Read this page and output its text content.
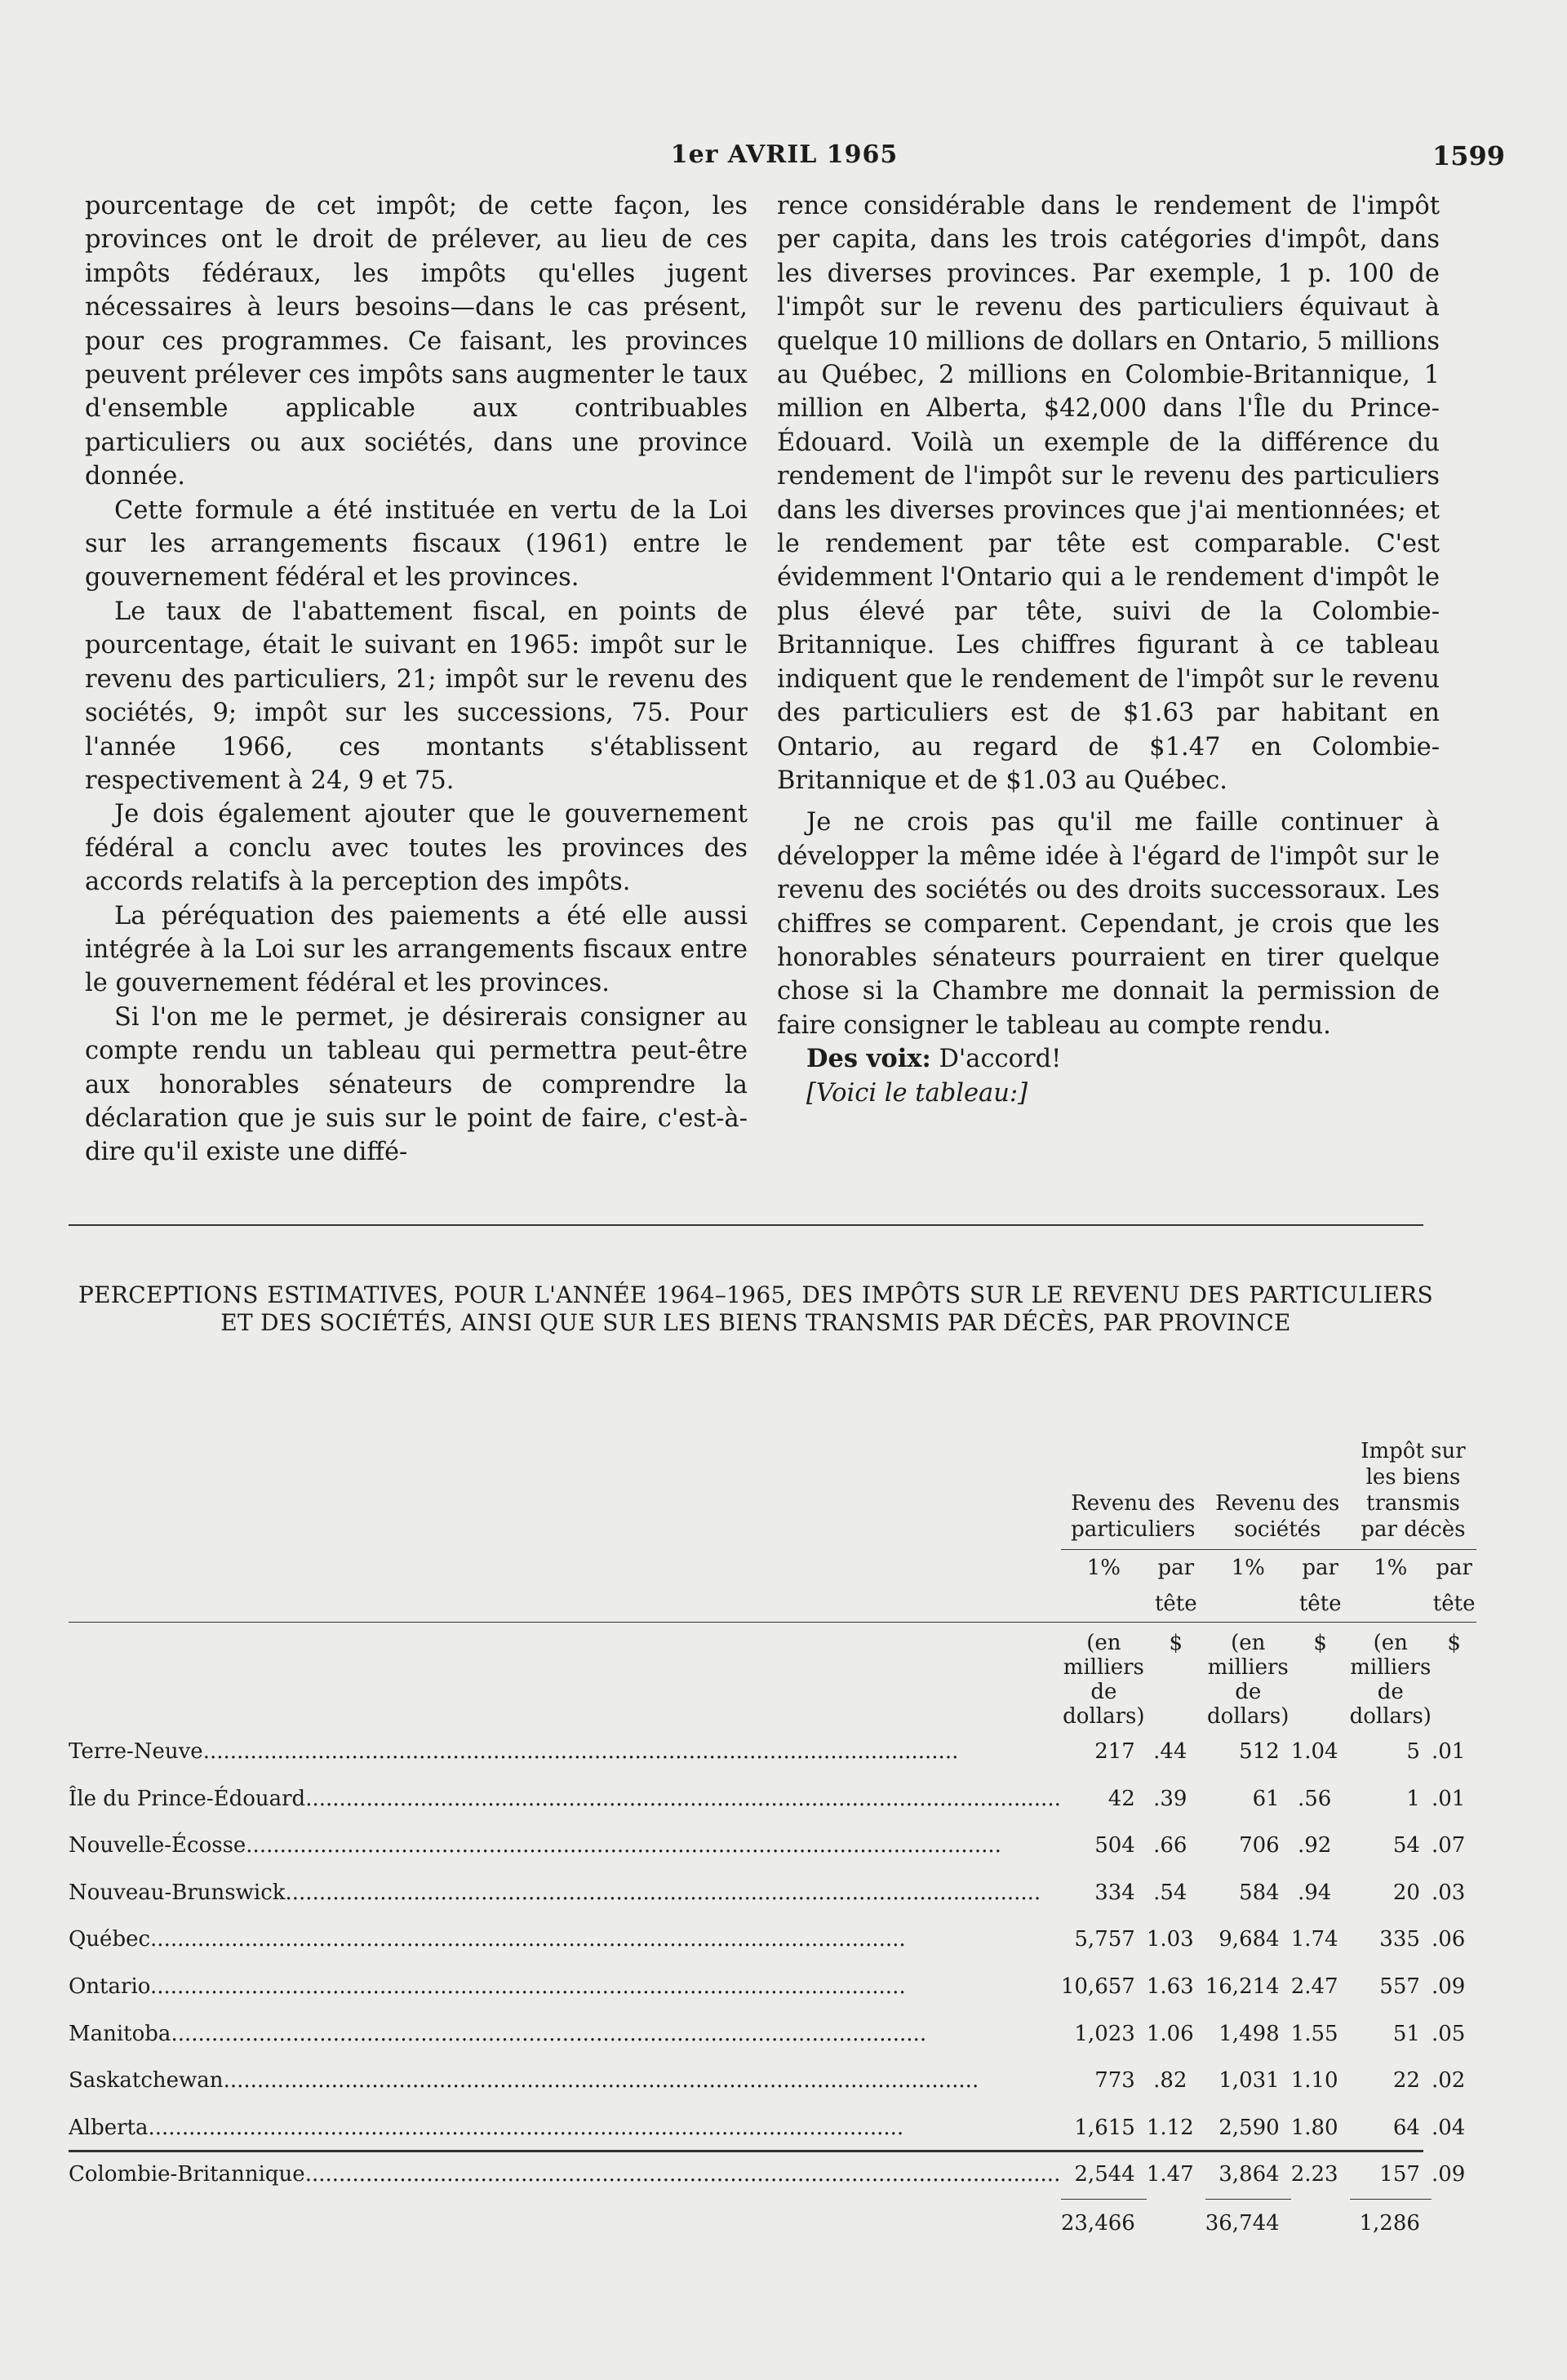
1er AVRIL 1965	1599

pourcentage de cet impôt; de cette façon, les provinces ont le droit de prélever, au lieu de ces impôts fédéraux, les impôts qu'elles jugent nécessaires à leurs besoins—dans le cas présent, pour ces programmes. Ce faisant, les provinces peuvent prélever ces impôts sans augmenter le taux d'ensemble applicable aux contribuables particuliers ou aux sociétés, dans une province donnée.

Cette formule a été instituée en vertu de la Loi sur les arrangements fiscaux (1961) entre le gouvernement fédéral et les provinces.

Le taux de l'abattement fiscal, en points de pourcentage, était le suivant en 1965: impôt sur le revenu des particuliers, 21; impôt sur le revenu des sociétés, 9; impôt sur les successions, 75. Pour l'année 1966, ces montants s'établissent respectivement à 24, 9 et 75.

Je dois également ajouter que le gouvernement fédéral a conclu avec toutes les provinces des accords relatifs à la perception des impôts.

La péréquation des paiements a été elle aussi intégrée à la Loi sur les arrangements fiscaux entre le gouvernement fédéral et les provinces.

Si l'on me le permet, je désirerais consigner au compte rendu un tableau qui permettra peut-être aux honorables sénateurs de comprendre la déclaration que je suis sur le point de faire, c'est-à-dire qu'il existe une diffé-

rence considérable dans le rendement de l'impôt per capita, dans les trois catégories d'impôt, dans les diverses provinces. Par exemple, 1 p. 100 de l'impôt sur le revenu des particuliers équivaut à quelque 10 millions de dollars en Ontario, 5 millions au Québec, 2 millions en Colombie-Britannique, 1 million en Alberta, $42,000 dans l'Île du Prince-Édouard. Voilà un exemple de la différence du rendement de l'impôt sur le revenu des particuliers dans les diverses provinces que j'ai mentionnées; et le rendement par tête est comparable. C'est évidemment l'Ontario qui a le rendement d'impôt le plus élevé par tête, suivi de la Colombie-Britannique. Les chiffres figurant à ce tableau indiquent que le rendement de l'impôt sur le revenu des particuliers est de $1.63 par habitant en Ontario, au regard de $1.47 en Colombie-Britannique et de $1.03 au Québec.

Je ne crois pas qu'il me faille continuer à développer la même idée à l'égard de l'impôt sur le revenu des sociétés ou des droits successoraux. Les chiffres se comparent. Cependant, je crois que les honorables sénateurs pourraient en tirer quelque chose si la Chambre me donnait la permission de faire consigner le tableau au compte rendu.

Des voix: D'accord!

[Voici le tableau:]

PERCEPTIONS ESTIMATIVES, POUR L'ANNÉE 1964–1965, DES IMPÔTS SUR LE REVENU DES PARTICULIERS ET DES SOCIÉTÉS, AINSI QUE SUR LES BIENS TRANSMIS PAR DÉCÈS, PAR PROVINCE
	Revenu des particuliers		Revenu des sociétés		Impôt sur les biens transmis par décès	
	1%	par tête	1%	par tête	1%	par tête
	(en milliers de dollars)	$	(en milliers de dollars)	$	(en milliers de dollars)	$
Terre-Neuve .....	217	.44	512	1.04	5	.01
Île du Prince-Édouard .....	42	.39	61	.56	1	.01
Nouvelle-Écosse .....	504	.66	706	.92	54	.07
Nouveau-Brunswick .....	334	.54	584	.94	20	.03
Québec .....	5,757	1.03	9,684	1.74	335	.06
Ontario .....	10,657	1.63	16,214	2.47	557	.09
Manitoba .....	1,023	1.06	1,498	1.55	51	.05
Saskatchewan .....	773	.82	1,031	1.10	22	.02
Alberta .....	1,615	1.12	2,590	1.80	64	.04
Colombie-Britannique .....	2,544	1.47	3,864	2.23	157	.09
	23,466		36,744		1,286	
